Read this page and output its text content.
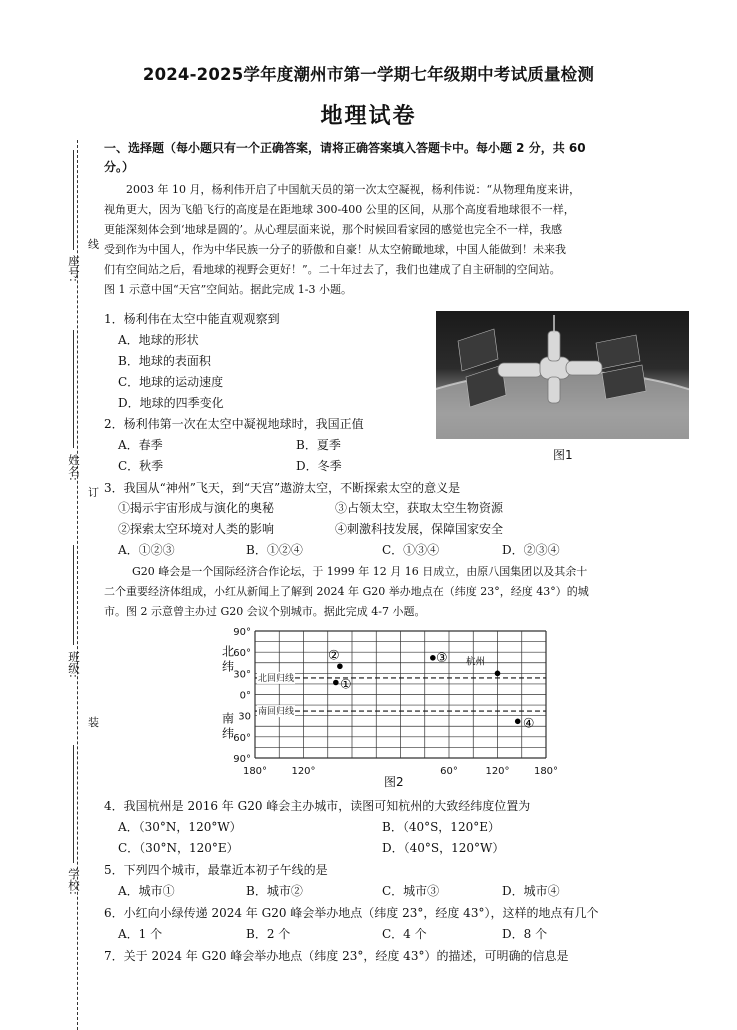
2024-2025学年度潮州市第一学期七年级期中考试质量检测
地理试卷
线
订
装
座号:
姓名:
班级:
学校:
一、选择题（每小题只有一个正确答案，请将正确答案填入答题卡中。每小题 2 分，共 60
分。）
2003 年 10 月，杨利伟开启了中国航天员的第一次太空凝视，杨利伟说：“从物理角度来讲，
视角更大，因为飞船飞行的高度是在距地球 300-400 公里的区间，从那个高度看地球很不一样，
更能深刻体会到‘地球是圆的’。从心理层面来说，那个时候回看家园的感觉也完全不一样，我感
受到作为中国人，作为中华民族一分子的骄傲和自豪！从太空俯瞰地球，中国人能做到！未来我
们有空间站之后，看地球的视野会更好！”。二十年过去了，我们也建成了自主研制的空间站。
图 1 示意中国“天宫”空间站。据此完成 1-3 小题。
1．杨利伟在太空中能直观观察到
A．地球的形状
B．地球的表面积
C．地球的运动速度
D．地球的四季变化
图1
2．杨利伟第一次在太空中凝视地球时，我国正值
A．春季	B．夏季
C．秋季	D．冬季
3．我国从“神州”飞天，到“天宫”遨游太空，不断探索太空的意义是
①揭示宇宙形成与演化的奥秘	③占领太空，获取太空生物资源
②探索太空环境对人类的影响	④刺激科技发展，保障国家安全
A．①②③	B．①②④	C．①③④	D．②③④
G20 峰会是一个国际经济合作论坛，于 1999 年 12 月 16 日成立，由原八国集团以及其余十
二个重要经济体组成，小红从新闻上了解到 2024 年 G20 举办地点在（纬度 23°，经度 43°）的城
市。图 2 示意曾主办过 G20 会议个别城市。据此完成 4-7 小题。
北回归线
南回归线
90°
60°
30°
0°
30
60°
90°
180° 120°	60°	120° 180°
北
纬
南
纬
①
②	③ 杭州
④
图2
4．我国杭州是 2016 年 G20 峰会主办城市，读图可知杭州的大致经纬度位置为
A．（30°N，120°W）	B．（40°S，120°E）
C．（30°N，120°E）	D．（40°S，120°W）
5．下列四个城市，最靠近本初子午线的是
A．城市①	B．城市②	C．城市③	D．城市④
6．小红向小绿传递 2024 年 G20 峰会举办地点（纬度 23°，经度 43°），这样的地点有几个
A．1 个	B．2 个	C．4 个	D．8 个
7．关于 2024 年 G20 峰会举办地点（纬度 23°，经度 43°）的描述，可明确的信息是
